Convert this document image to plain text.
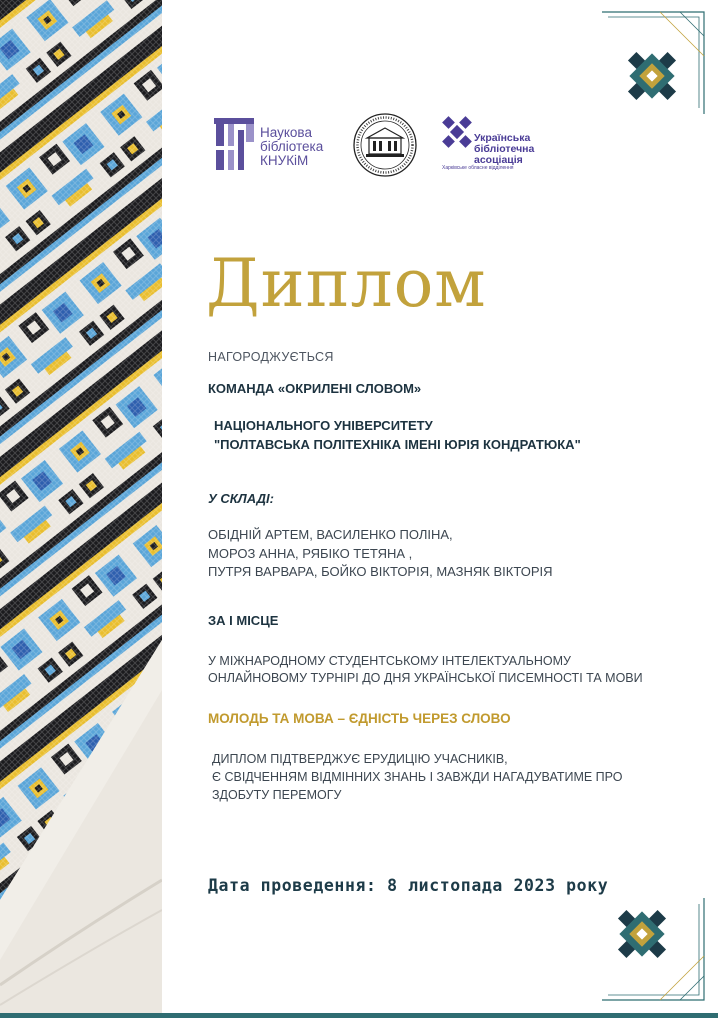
Наукова
бібліотека
КНУКіМ
Українська
бібліотечна
асоціація
Харківське обласне відділення
Диплом
НАГОРОДЖУЄТЬСЯ
КОМАНДА «ОКРИЛЕНІ СЛОВОМ»
НАЦІОНАЛЬНОГО УНІВЕРСИТЕТУ
"ПОЛТАВСЬКА ПОЛІТЕХНІКА ІМЕНІ ЮРІЯ КОНДРАТЮКА"
У СКЛАДІ:
ОБІДНІЙ АРТЕМ, ВАСИЛЕНКО ПОЛІНА,
МОРОЗ АННА, РЯБІКО ТЕТЯНА ,
ПУТРЯ ВАРВАРА, БОЙКО ВІКТОРІЯ, МАЗНЯК ВІКТОРІЯ
ЗА І МІСЦЕ
У МІЖНАРОДНОМУ СТУДЕНТСЬКОМУ ІНТЕЛЕКТУАЛЬНОМУ
ОНЛАЙНОВОМУ ТУРНІРІ ДО ДНЯ УКРАЇНСЬКОЇ ПИСЕМНОСТІ ТА МОВИ
МОЛОДЬ ТА МОВА – ЄДНІСТЬ ЧЕРЕЗ СЛОВО
ДИПЛОМ ПІДТВЕРДЖУЄ ЕРУДИЦІЮ УЧАСНИКІВ,
Є СВІДЧЕННЯМ ВІДМІННИХ ЗНАНЬ І ЗАВЖДИ НАГАДУВАТИМЕ ПРО
ЗДОБУТУ ПЕРЕМОГУ
Дата проведення: 8 листопада 2023 року
